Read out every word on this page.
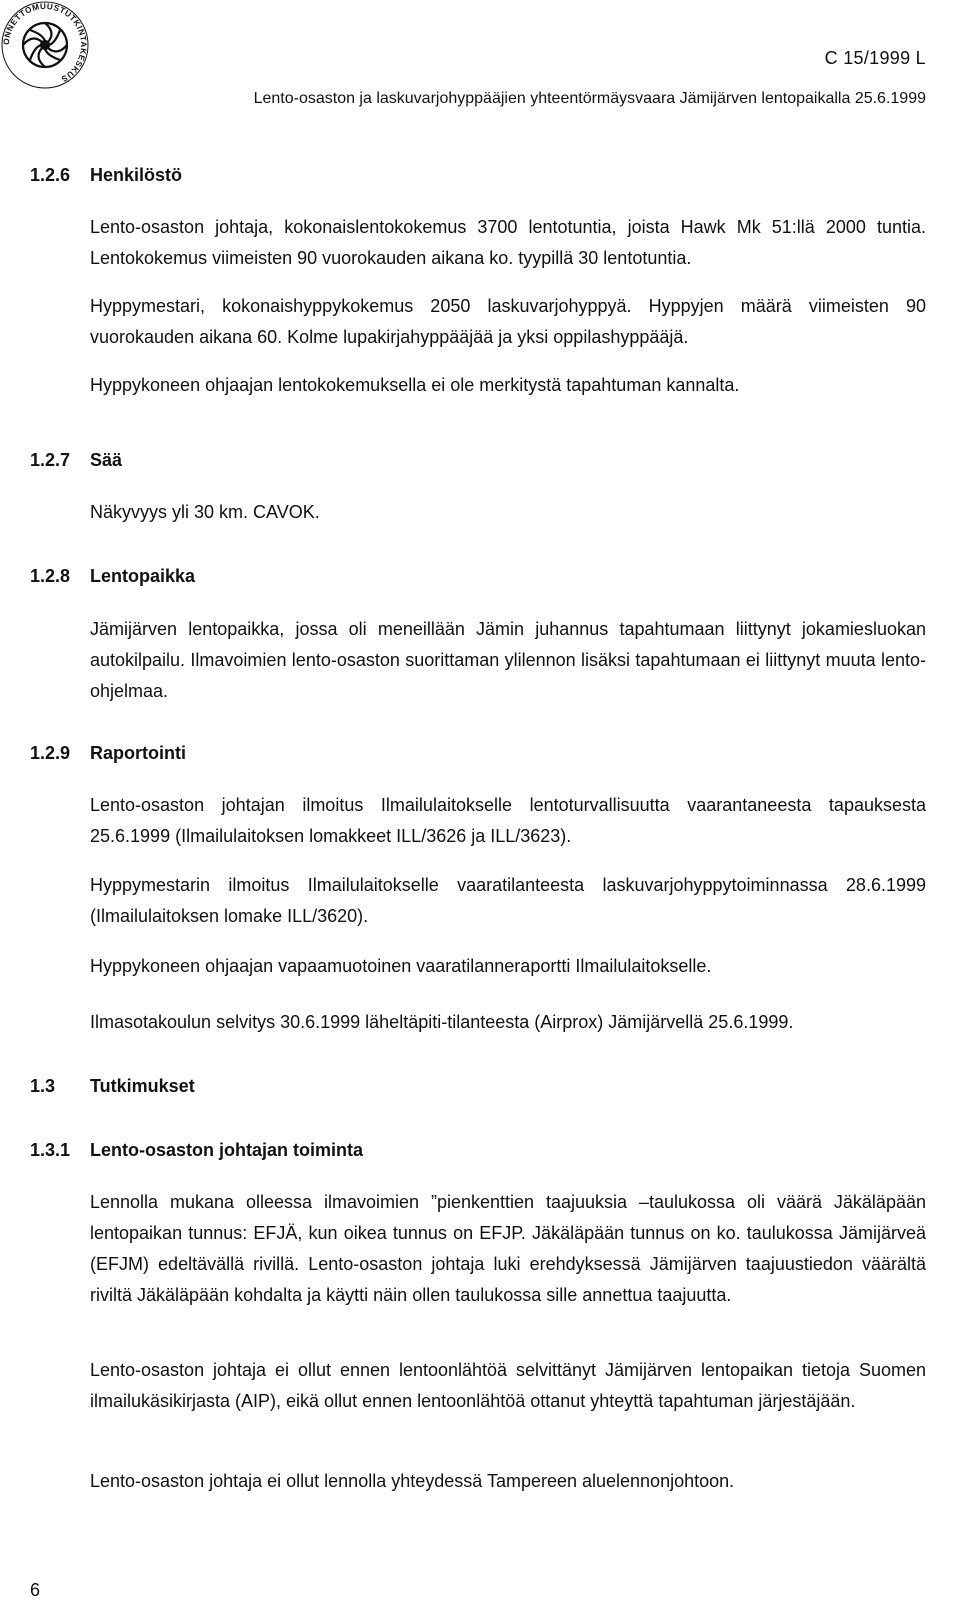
ONNETTOMUUSTUTKINTAKESKUS
C 15/1999 L
Lento-osaston ja laskuvarjohyppääjien yhteentörmäysvaara Jämijärven lentopaikalla 25.6.1999
1.2.6 Henkilöstö
Lento-osaston johtaja, kokonaislentokokemus 3700 lentotuntia, joista Hawk Mk 51:llä 2000 tuntia. Lentokokemus viimeisten 90 vuorokauden aikana ko. tyypillä 30 lentotuntia.
Hyppymestari, kokonaishyppykokemus 2050 laskuvarjohyppyä. Hyppyjen määrä viimeisten 90 vuorokauden aikana 60. Kolme lupakirjahyppääjää ja yksi oppilashyppääjä.
Hyppykoneen ohjaajan lentokokemuksella ei ole merkitystä tapahtuman kannalta.
1.2.7 Sää
Näkyvyys yli 30 km. CAVOK.
1.2.8 Lentopaikka
Jämijärven lentopaikka, jossa oli meneillään Jämin juhannus tapahtumaan liittynyt jokamiesluokan autokilpailu. Ilmavoimien lento-osaston suorittaman ylilennon lisäksi tapahtumaan ei liittynyt muuta lento-ohjelmaa.
1.2.9 Raportointi
Lento-osaston johtajan ilmoitus Ilmailulaitokselle lentoturvallisuutta vaarantaneesta tapauksesta 25.6.1999 (Ilmailulaitoksen lomakkeet ILL/3626 ja ILL/3623).
Hyppymestarin ilmoitus Ilmailulaitokselle vaaratilanteesta laskuvarjohyppytoiminnassa 28.6.1999 (Ilmailulaitoksen lomake ILL/3620).
Hyppykoneen ohjaajan vapaamuotoinen vaaratilanneraportti Ilmailulaitokselle.
Ilmasotakoulun selvitys 30.6.1999 läheltäpiti-tilanteesta (Airprox) Jämijärvellä 25.6.1999.
1.3 Tutkimukset
1.3.1 Lento-osaston johtajan toiminta
Lennolla mukana olleessa ilmavoimien ”pienkenttien taajuuksia –taulukossa oli väärä Jäkäläpään lentopaikan tunnus: EFJÄ, kun oikea tunnus on EFJP. Jäkäläpään tunnus on ko. taulukossa Jämijärveä (EFJM) edeltävällä rivillä. Lento-osaston johtaja luki erehdyksessä Jämijärven taajuustiedon väärältä riviltä Jäkäläpään kohdalta ja käytti näin ollen taulukossa sille annettua taajuutta.
Lento-osaston johtaja ei ollut ennen lentoonlähtöä selvittänyt Jämijärven lentopaikan tietoja Suomen ilmailukäsikirjasta (AIP), eikä ollut ennen lentoonlähtöä ottanut yhteyttä tapahtuman järjestäjään.
Lento-osaston johtaja ei ollut lennolla yhteydessä Tampereen aluelennonjohtoon.
6
